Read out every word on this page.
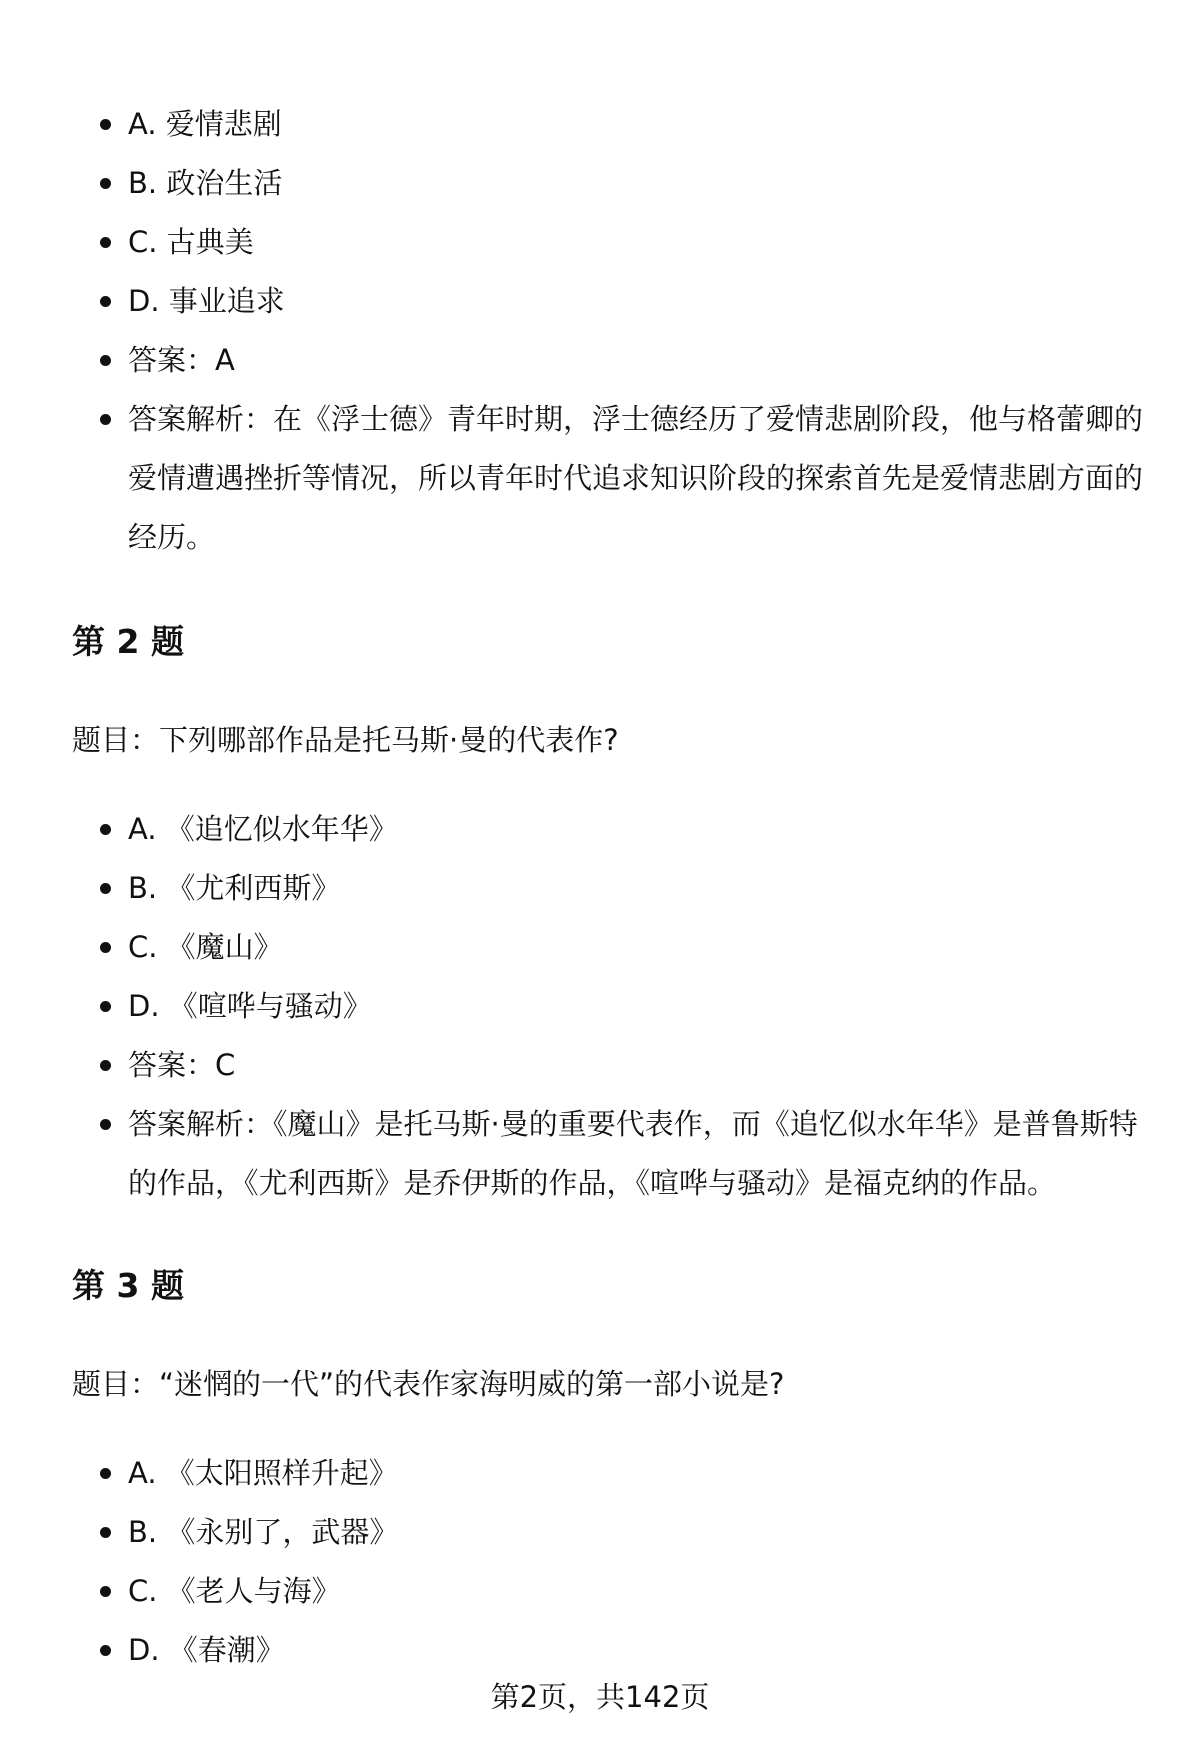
A. 爱情悲剧
B. 政治生活
C. 古典美
D. 事业追求
答案：A
答案解析：在《浮士德》青年时期，浮士德经历了爱情悲剧阶段，他与格蕾卿的爱情遭遇挫折等情况，所以青年时代追求知识阶段的探索首先是爱情悲剧方面的经历。
第 2 题
题目：下列哪部作品是托马斯·曼的代表作?
A. 《追忆似水年华》
B. 《尤利西斯》
C. 《魔山》
D. 《喧哗与骚动》
答案：C
答案解析：《魔山》是托马斯·曼的重要代表作，而《追忆似水年华》是普鲁斯特的作品，《尤利西斯》是乔伊斯的作品，《喧哗与骚动》是福克纳的作品。
第 3 题
题目：“迷惘的一代”的代表作家海明威的第一部小说是?
A. 《太阳照样升起》
B. 《永别了，武器》
C. 《老人与海》
D. 《春潮》
第2页，共142页
